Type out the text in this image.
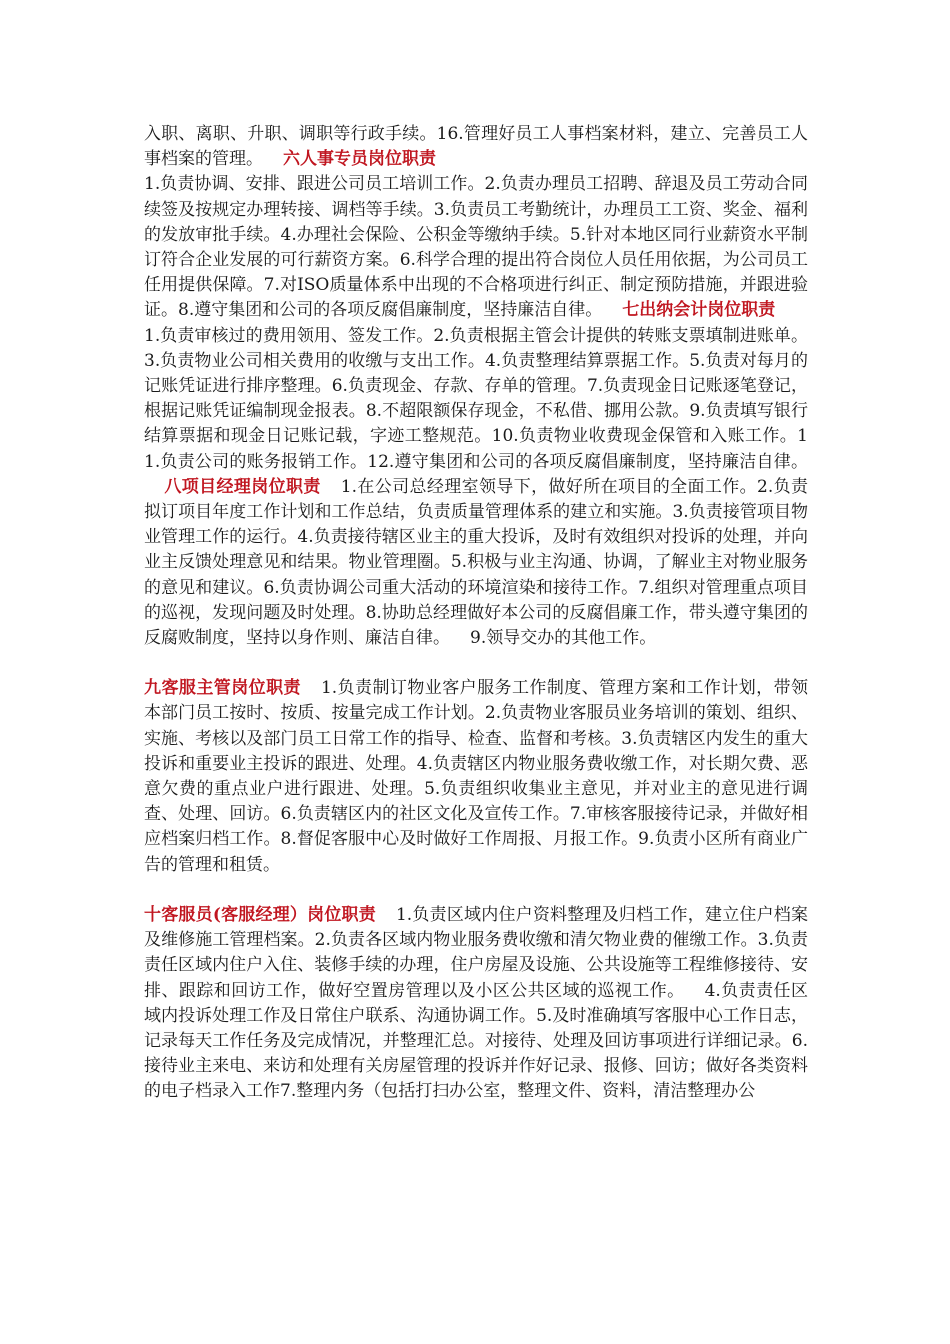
入职、离职、升职、调职等行政手续。16.管理好员工人事档案材料，建立、完善员工人事档案的管理。 六人事专员岗位职责
1.负责协调、安排、跟进公司员工培训工作。2.负责办理员工招聘、辞退及员工劳动合同续签及按规定办理转接、调档等手续。3.负责员工考勤统计，办理员工工资、奖金、福利的发放审批手续。4.办理社会保险、公积金等缴纳手续。5.针对本地区同行业薪资水平制订符合企业发展的可行薪资方案。6.科学合理的提出符合岗位人员任用依据，为公司员工任用提供保障。7.对ISO质量体系中出现的不合格项进行纠正、制定预防措施，并跟进验证。8.遵守集团和公司的各项反腐倡廉制度，坚持廉洁自律。 七出纳会计岗位职责
1.负责审核过的费用领用、签发工作。2.负责根据主管会计提供的转账支票填制进账单。3.负责物业公司相关费用的收缴与支出工作。4.负责整理结算票据工作。5.负责对每月的记账凭证进行排序整理。6.负责现金、存款、存单的管理。7.负责现金日记账逐笔登记，根据记账凭证编制现金报表。8.不超限额保存现金，不私借、挪用公款。9.负责填写银行结算票据和现金日记账记载，字迹工整规范。10.负责物业收费现金保管和入账工作。11.负责公司的账务报销工作。12.遵守集团和公司的各项反腐倡廉制度，坚持廉洁自律。八项目经理岗位职责 1.在公司总经理室领导下，做好所在项目的全面工作。2.负责拟订项目年度工作计划和工作总结，负责质量管理体系的建立和实施。3.负责接管项目物业管理工作的运行。4.负责接待辖区业主的重大投诉，及时有效组织对投诉的处理，并向业主反馈处理意见和结果。物业管理圈。5.积极与业主沟通、协调，了解业主对物业服务的意见和建议。6.负责协调公司重大活动的环境渲染和接待工作。7.组织对管理重点项目的巡视，发现问题及时处理。8.协助总经理做好本公司的反腐倡廉工作，带头遵守集团的反腐败制度，坚持以身作则、廉洁自律。 9.领导交办的其他工作。

九客服主管岗位职责 1.负责制订物业客户服务工作制度、管理方案和工作计划，带领本部门员工按时、按质、按量完成工作计划。2.负责物业客服员业务培训的策划、组织、实施、考核以及部门员工日常工作的指导、检查、监督和考核。3.负责辖区内发生的重大投诉和重要业主投诉的跟进、处理。4.负责辖区内物业服务费收缴工作，对长期欠费、恶意欠费的重点业户进行跟进、处理。5.负责组织收集业主意见，并对业主的意见进行调查、处理、回访。6.负责辖区内的社区文化及宣传工作。7.审核客服接待记录，并做好相应档案归档工作。8.督促客服中心及时做好工作周报、月报工作。9.负责小区所有商业广告的管理和租赁。

十客服员(客服经理）岗位职责 1.负责区域内住户资料整理及归档工作，建立住户档案及维修施工管理档案。2.负责各区域内物业服务费收缴和清欠物业费的催缴工作。3.负责责任区域内住户入住、装修手续的办理，住户房屋及设施、公共设施等工程维修接待、安排、跟踪和回访工作，做好空置房管理以及小区公共区域的巡视工作。 4.负责责任区域内投诉处理工作及日常住户联系、沟通协调工作。5.及时准确填写客服中心工作日志，记录每天工作任务及完成情况，并整理汇总。对接待、处理及回访事项进行详细记录。6.接待业主来电、来访和处理有关房屋管理的投诉并作好记录、报修、回访；做好各类资料的电子档录入工作7.整理内务（包括打扫办公室，整理文件、资料，清洁整理办公
